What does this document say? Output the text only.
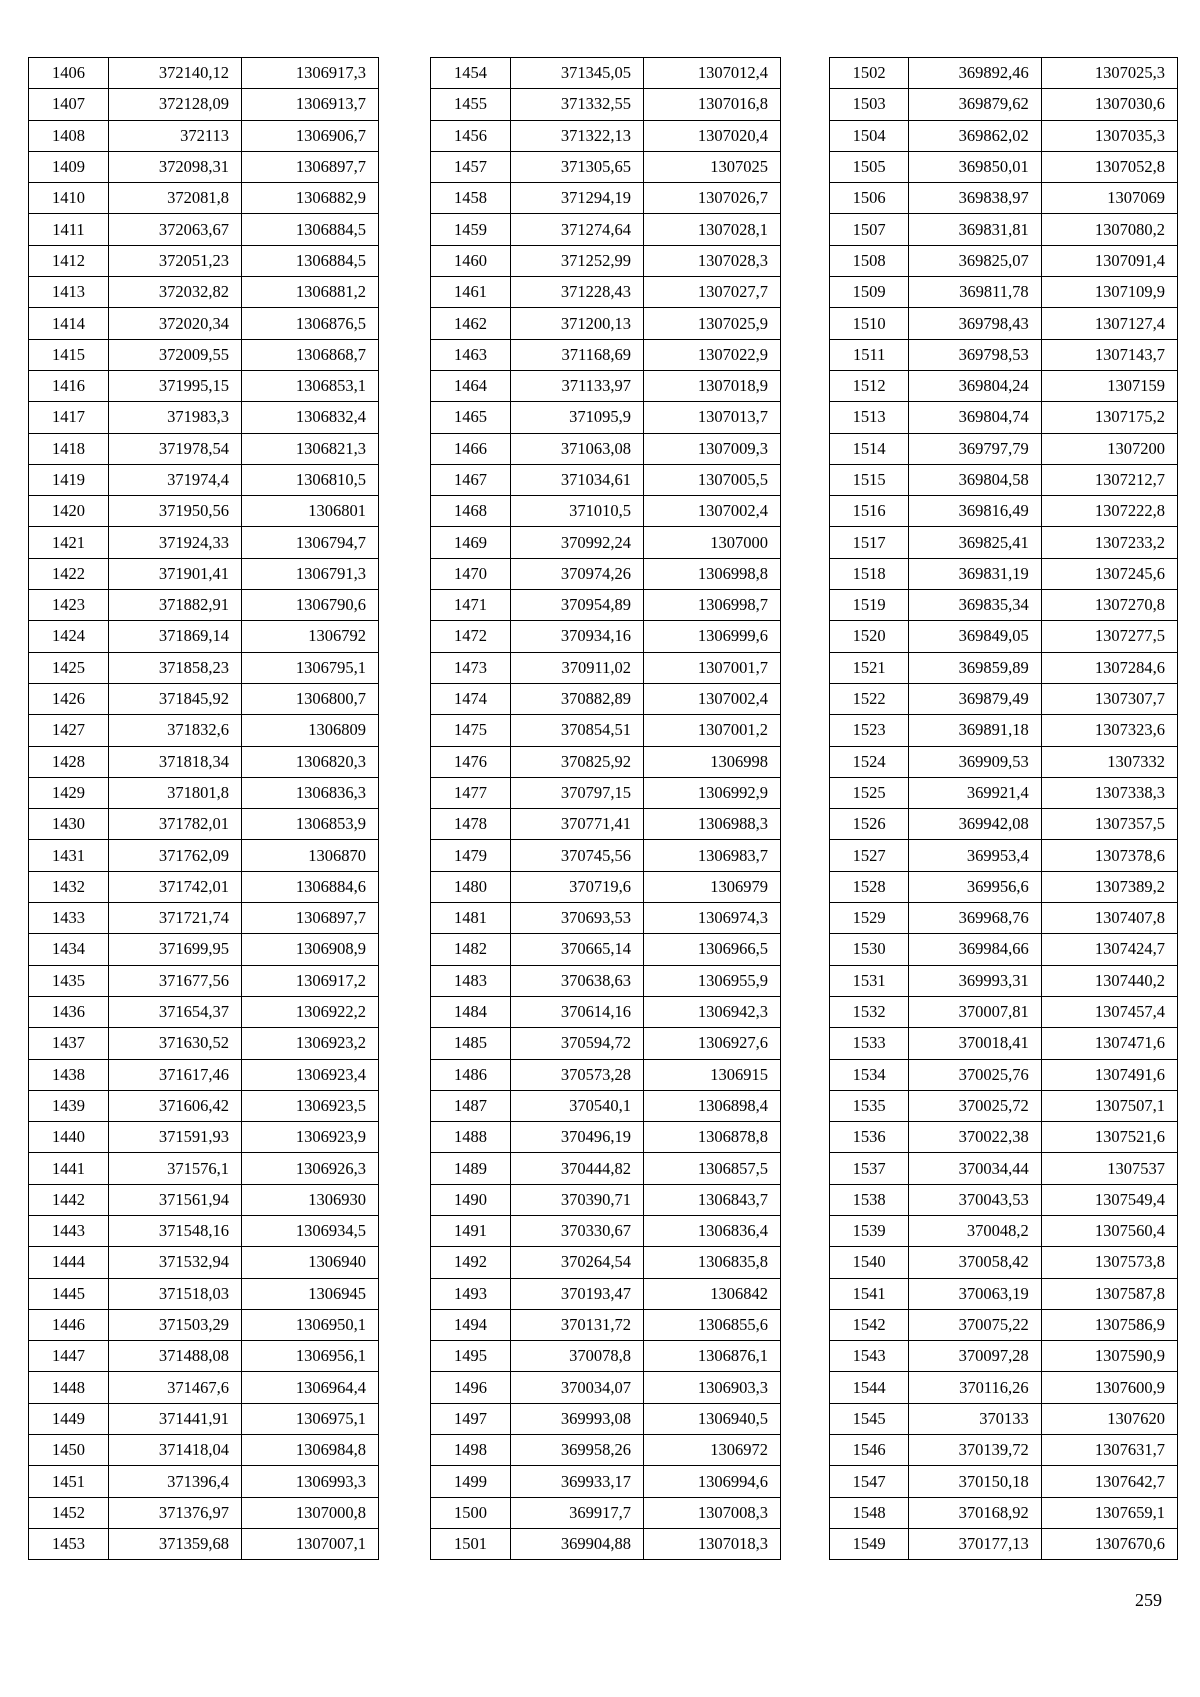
1406	372140,12	1306917,3
1407	372128,09	1306913,7
1408	372113	1306906,7
1409	372098,31	1306897,7
1410	372081,8	1306882,9
1411	372063,67	1306884,5
1412	372051,23	1306884,5
1413	372032,82	1306881,2
1414	372020,34	1306876,5
1415	372009,55	1306868,7
1416	371995,15	1306853,1
1417	371983,3	1306832,4
1418	371978,54	1306821,3
1419	371974,4	1306810,5
1420	371950,56	1306801
1421	371924,33	1306794,7
1422	371901,41	1306791,3
1423	371882,91	1306790,6
1424	371869,14	1306792
1425	371858,23	1306795,1
1426	371845,92	1306800,7
1427	371832,6	1306809
1428	371818,34	1306820,3
1429	371801,8	1306836,3
1430	371782,01	1306853,9
1431	371762,09	1306870
1432	371742,01	1306884,6
1433	371721,74	1306897,7
1434	371699,95	1306908,9
1435	371677,56	1306917,2
1436	371654,37	1306922,2
1437	371630,52	1306923,2
1438	371617,46	1306923,4
1439	371606,42	1306923,5
1440	371591,93	1306923,9
1441	371576,1	1306926,3
1442	371561,94	1306930
1443	371548,16	1306934,5
1444	371532,94	1306940
1445	371518,03	1306945
1446	371503,29	1306950,1
1447	371488,08	1306956,1
1448	371467,6	1306964,4
1449	371441,91	1306975,1
1450	371418,04	1306984,8
1451	371396,4	1306993,3
1452	371376,97	1307000,8
1453	371359,68	1307007,1
1454	371345,05	1307012,4
1455	371332,55	1307016,8
1456	371322,13	1307020,4
1457	371305,65	1307025
1458	371294,19	1307026,7
1459	371274,64	1307028,1
1460	371252,99	1307028,3
1461	371228,43	1307027,7
1462	371200,13	1307025,9
1463	371168,69	1307022,9
1464	371133,97	1307018,9
1465	371095,9	1307013,7
1466	371063,08	1307009,3
1467	371034,61	1307005,5
1468	371010,5	1307002,4
1469	370992,24	1307000
1470	370974,26	1306998,8
1471	370954,89	1306998,7
1472	370934,16	1306999,6
1473	370911,02	1307001,7
1474	370882,89	1307002,4
1475	370854,51	1307001,2
1476	370825,92	1306998
1477	370797,15	1306992,9
1478	370771,41	1306988,3
1479	370745,56	1306983,7
1480	370719,6	1306979
1481	370693,53	1306974,3
1482	370665,14	1306966,5
1483	370638,63	1306955,9
1484	370614,16	1306942,3
1485	370594,72	1306927,6
1486	370573,28	1306915
1487	370540,1	1306898,4
1488	370496,19	1306878,8
1489	370444,82	1306857,5
1490	370390,71	1306843,7
1491	370330,67	1306836,4
1492	370264,54	1306835,8
1493	370193,47	1306842
1494	370131,72	1306855,6
1495	370078,8	1306876,1
1496	370034,07	1306903,3
1497	369993,08	1306940,5
1498	369958,26	1306972
1499	369933,17	1306994,6
1500	369917,7	1307008,3
1501	369904,88	1307018,3
1502	369892,46	1307025,3
1503	369879,62	1307030,6
1504	369862,02	1307035,3
1505	369850,01	1307052,8
1506	369838,97	1307069
1507	369831,81	1307080,2
1508	369825,07	1307091,4
1509	369811,78	1307109,9
1510	369798,43	1307127,4
1511	369798,53	1307143,7
1512	369804,24	1307159
1513	369804,74	1307175,2
1514	369797,79	1307200
1515	369804,58	1307212,7
1516	369816,49	1307222,8
1517	369825,41	1307233,2
1518	369831,19	1307245,6
1519	369835,34	1307270,8
1520	369849,05	1307277,5
1521	369859,89	1307284,6
1522	369879,49	1307307,7
1523	369891,18	1307323,6
1524	369909,53	1307332
1525	369921,4	1307338,3
1526	369942,08	1307357,5
1527	369953,4	1307378,6
1528	369956,6	1307389,2
1529	369968,76	1307407,8
1530	369984,66	1307424,7
1531	369993,31	1307440,2
1532	370007,81	1307457,4
1533	370018,41	1307471,6
1534	370025,76	1307491,6
1535	370025,72	1307507,1
1536	370022,38	1307521,6
1537	370034,44	1307537
1538	370043,53	1307549,4
1539	370048,2	1307560,4
1540	370058,42	1307573,8
1541	370063,19	1307587,8
1542	370075,22	1307586,9
1543	370097,28	1307590,9
1544	370116,26	1307600,9
1545	370133	1307620
1546	370139,72	1307631,7
1547	370150,18	1307642,7
1548	370168,92	1307659,1
1549	370177,13	1307670,6
259
